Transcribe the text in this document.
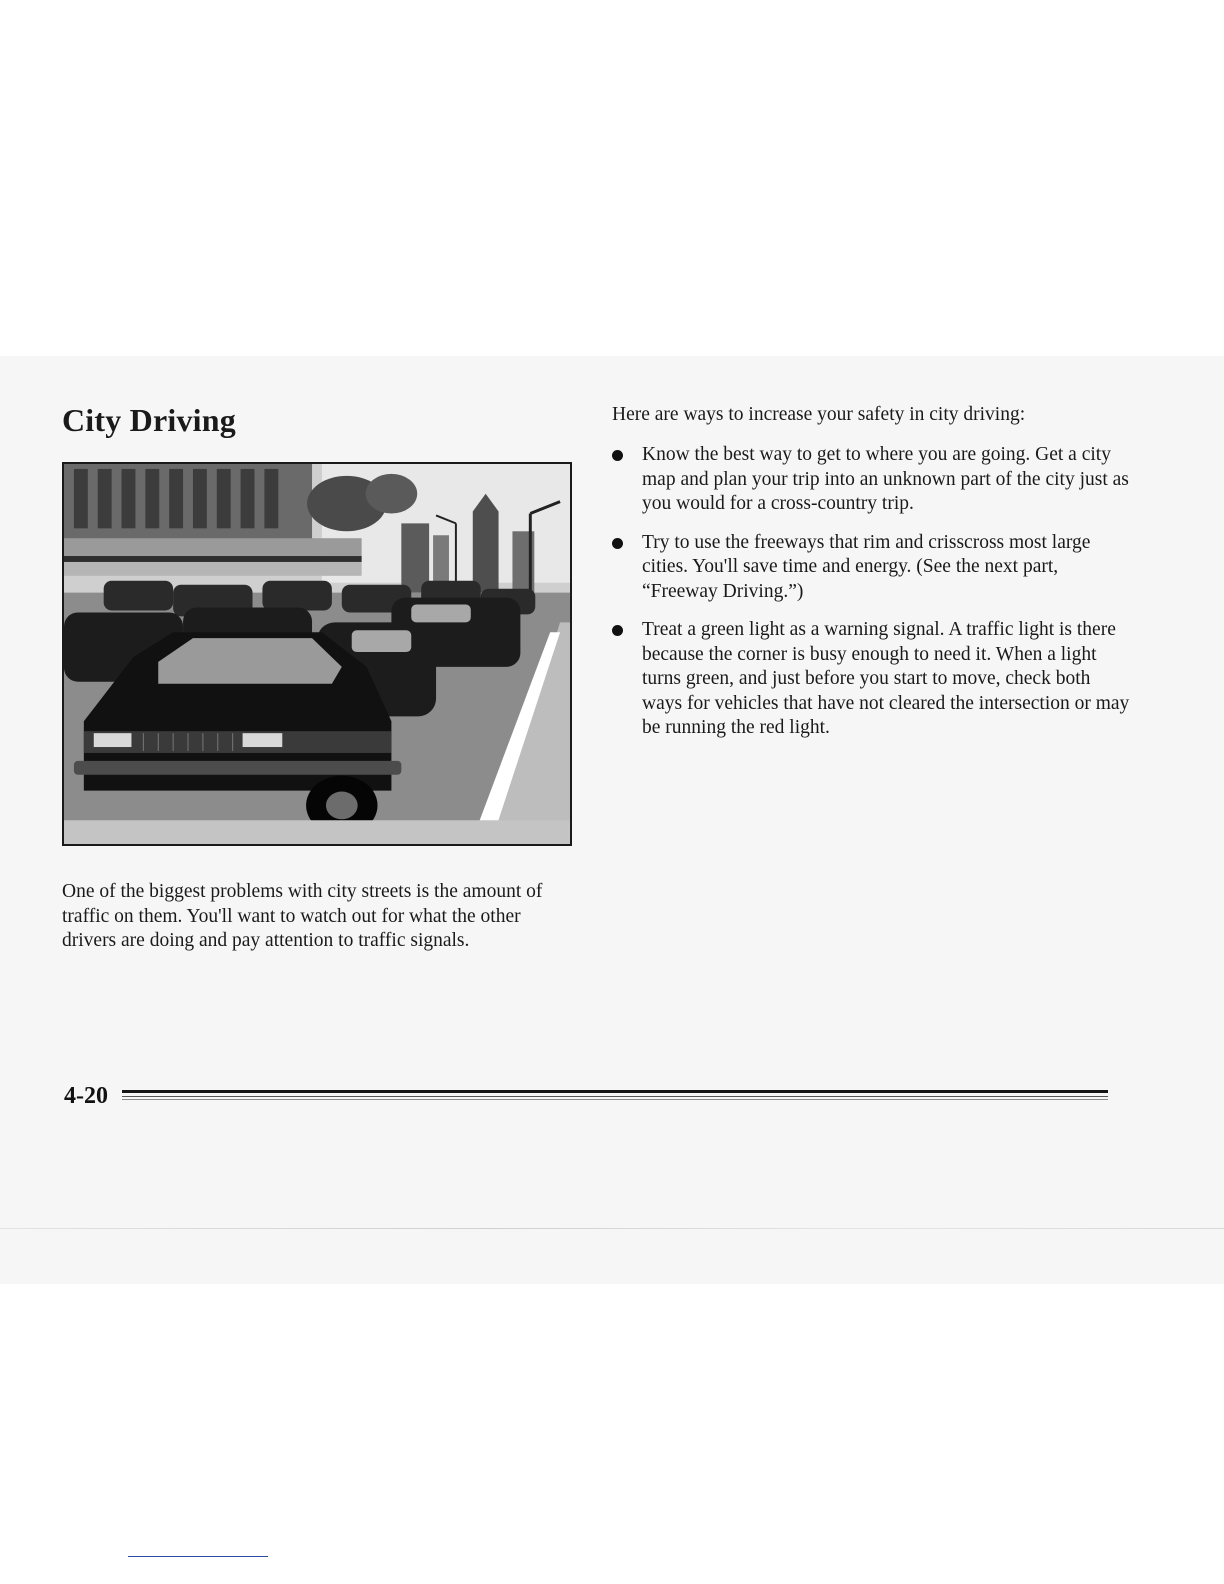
City Driving

One of the biggest problems with city streets is the amount of traffic on them. You'll want to watch out for what the other drivers are doing and pay attention to traffic signals.

Here are ways to increase your safety in city driving:

Know the best way to get to where you are going. Get a city map and plan your trip into an unknown part of the city just as you would for a cross-country trip.
Try to use the freeways that rim and crisscross most large cities. You'll save time and energy. (See the next part, “Freeway Driving.”)
Treat a green light as a warning signal. A traffic light is there because the corner is busy enough to need it. When a light turns green, and just before you start to move, check both ways for vehicles that have not cleared the intersection or may be running the red light.

4-20
